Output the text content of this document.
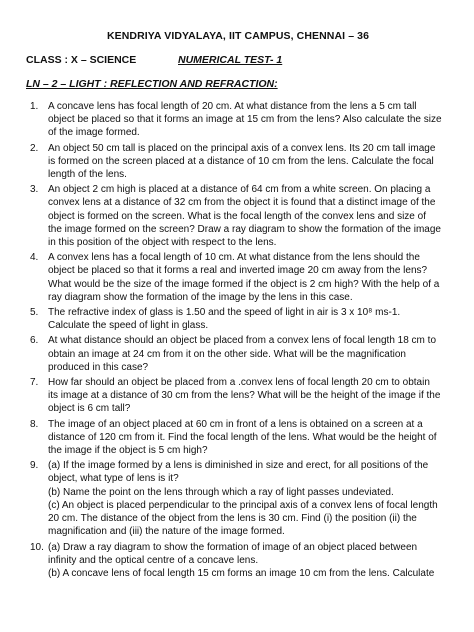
KENDRIYA VIDYALAYA, IIT CAMPUS, CHENNAI – 36
CLASS : X – SCIENCE	NUMERICAL TEST- 1
LN – 2 – LIGHT : REFLECTION AND REFRACTION:
1. A concave lens has focal length of 20 cm. At what distance from the lens a 5 cm tall object be placed so that it forms an image at 15 cm from the lens? Also calculate the size of the image formed.

2. An object 50 cm tall is placed on the principal axis of a convex lens. Its 20 cm tall image is formed on the screen placed at a distance of 10 cm from the lens. Calculate the focal length of the lens.

3. An object 2 cm high is placed at a distance of 64 cm from a white screen. On placing a convex lens at a distance of 32 cm from the object it is found that a distinct image of the object is formed on the screen. What is the focal length of the convex lens and size of the image formed on the screen? Draw a ray diagram to show the formation of the image in this position of the object with respect to the lens.

4. A convex lens has a focal length of 10 cm. At what distance from the lens should the object be placed so that it forms a real and inverted image 20 cm away from the lens? What would be the size of the image formed if the object is 2 cm high? With the help of a ray diagram show the formation of the image by the lens in this case.

5. The refractive index of glass is 1.50 and the speed of light in air is 3 x 10⁸ ms-1. Calculate the speed of light in glass.

6. At what distance should an object be placed from a convex lens of focal length 18 cm to obtain an image at 24 cm from it on the other side. What will be the magnification produced in this case?

7. How far should an object be placed from a .convex lens of focal length 20 cm to obtain its image at a distance of 30 cm from the lens? What will be the height of the image if the object is 6 cm tall?

8. The image of an object placed at 60 cm in front of a lens is obtained on a screen at a distance of 120 cm from it. Find the focal length of the lens. What would be the height of the image if the object is 5 cm high?

9. (a) If the image formed by a lens is diminished in size and erect, for all positions of the object, what type of lens is it?

(b) Name the point on the lens through which a ray of light passes undeviated.

(c) An object is placed perpendicular to the principal axis of a convex lens of focal length 20 cm. The distance of the object from the lens is 30 cm. Find (i) the position (ii) the magnification and (iii) the nature of the image formed.

10. (a) Draw a ray diagram to show the formation of image of an object placed between infinity and the optical centre of a concave lens.

(b) A concave lens of focal length 15 cm forms an image 10 cm from the lens. Calculate
